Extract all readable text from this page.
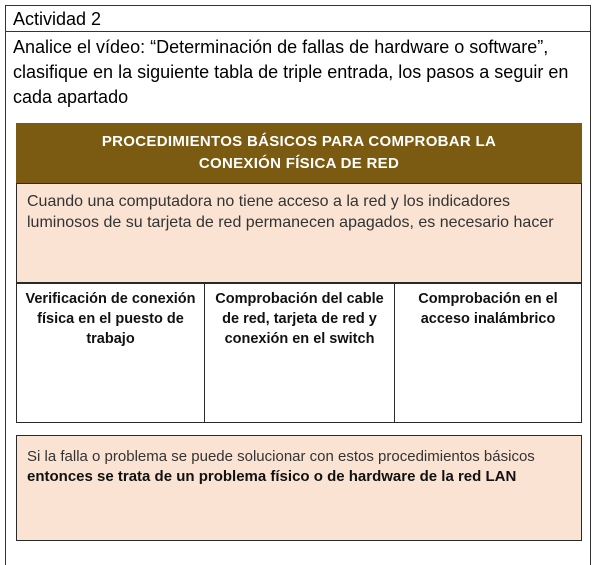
Actividad 2
Analice el vídeo: “Determinación de fallas de hardware o software”, clasifique en la siguiente tabla de triple entrada, los pasos a seguir en cada apartado
PROCEDIMIENTOS BÁSICOS PARA COMPROBAR LA CONEXIÓN FÍSICA DE RED
Cuando una computadora no tiene acceso a la red y los indicadores luminosos de su tarjeta de red permanecen apagados, es necesario hacer
Verificación de conexión física en el puesto de trabajo
Comprobación del cable de red, tarjeta de red y conexión en el switch
Comprobación en el acceso inalámbrico
Si la falla o problema se puede solucionar con estos procedimientos básicos entonces se trata de un problema físico o de hardware de la red LAN
